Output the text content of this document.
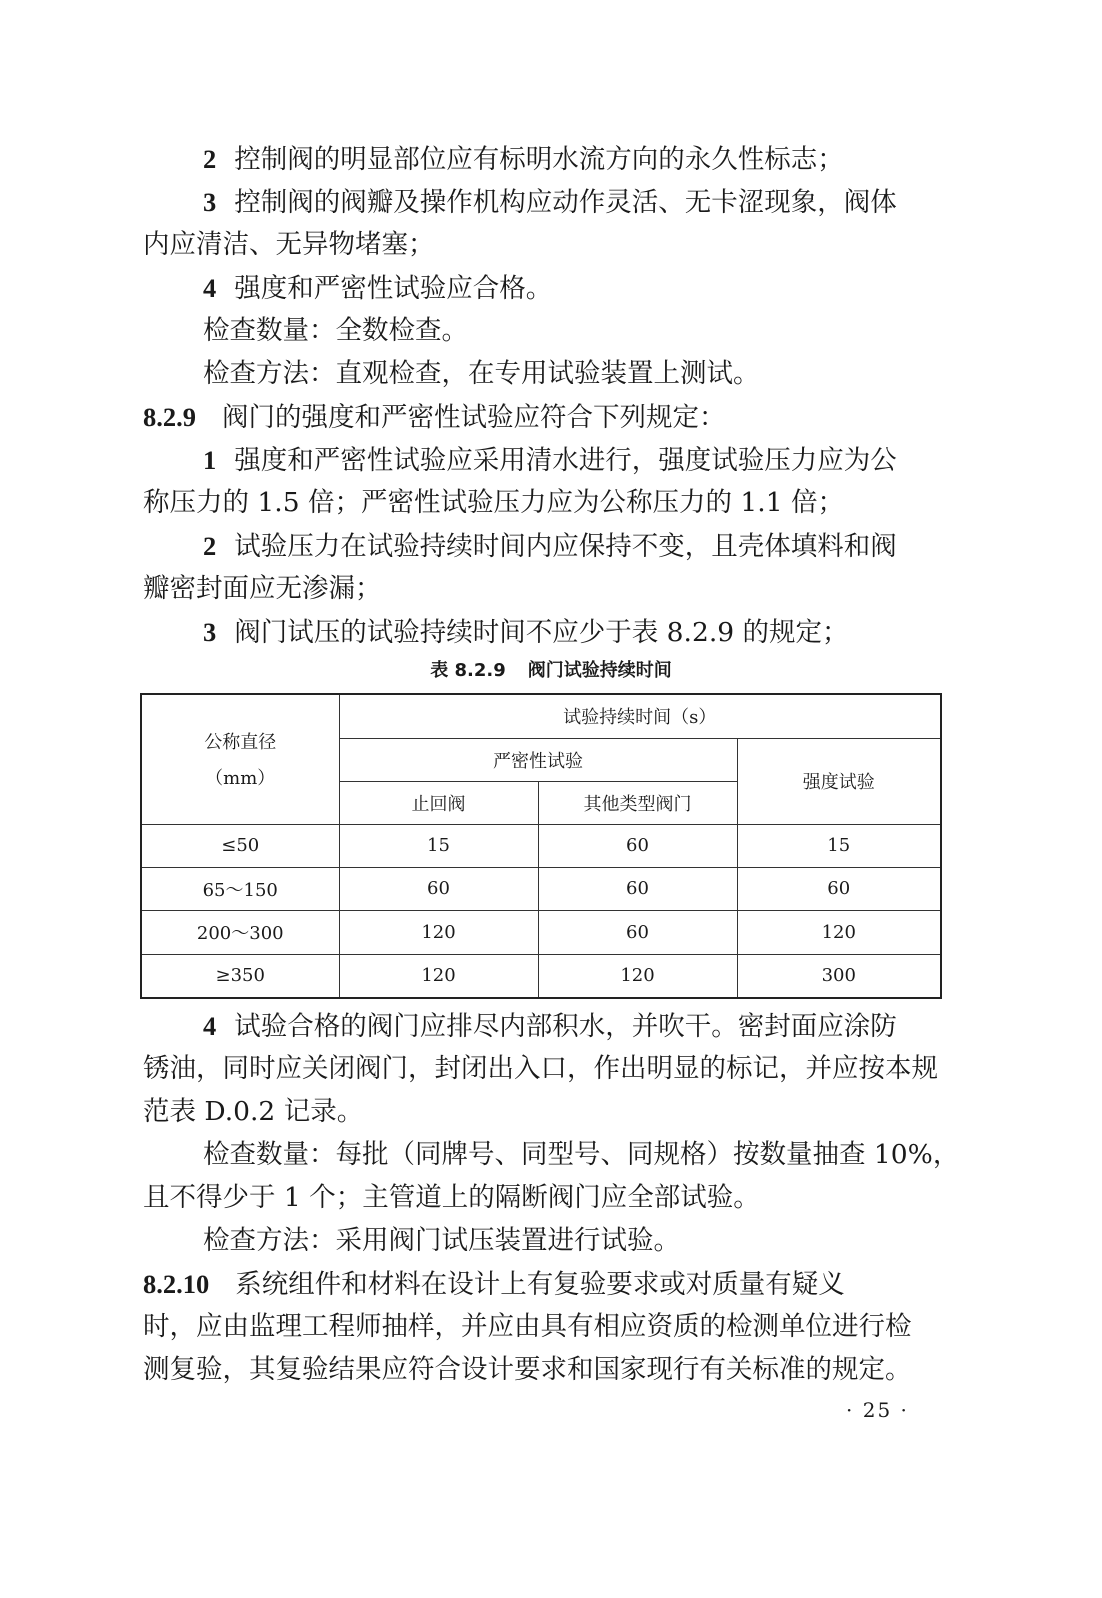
2 控制阀的明显部位应有标明水流方向的永久性标志；
3 控制阀的阀瓣及操作机构应动作灵活、无卡涩现象，阀体
内应清洁、无异物堵塞；
4 强度和严密性试验应合格。
检查数量：全数检查。
检查方法：直观检查，在专用试验装置上测试。
8.2.9 阀门的强度和严密性试验应符合下列规定：
1 强度和严密性试验应采用清水进行，强度试验压力应为公
称压力的 1.5 倍；严密性试验压力应为公称压力的 1.1 倍；
2 试验压力在试验持续时间内应保持不变，且壳体填料和阀
瓣密封面应无渗漏；
3 阀门试压的试验持续时间不应少于表 8.2.9 的规定；
表 8.2.9 阀门试验持续时间
公称直径
（mm）	试验持续时间（s）		
	严密性试验		强度试验
	止回阀	其他类型阀门	
≤50	15	60	15
65～150	60	60	60
200～300	120	60	120
≥350	120	120	300
4 试验合格的阀门应排尽内部积水，并吹干。密封面应涂防
锈油，同时应关闭阀门，封闭出入口，作出明显的标记，并应按本规
范表 D.0.2 记录。
检查数量：每批（同牌号、同型号、同规格）按数量抽查 10%，
且不得少于 1 个；主管道上的隔断阀门应全部试验。
检查方法：采用阀门试压装置进行试验。
8.2.10 系统组件和材料在设计上有复验要求或对质量有疑义
时，应由监理工程师抽样，并应由具有相应资质的检测单位进行检
测复验，其复验结果应符合设计要求和国家现行有关标准的规定。
· 25 ·
